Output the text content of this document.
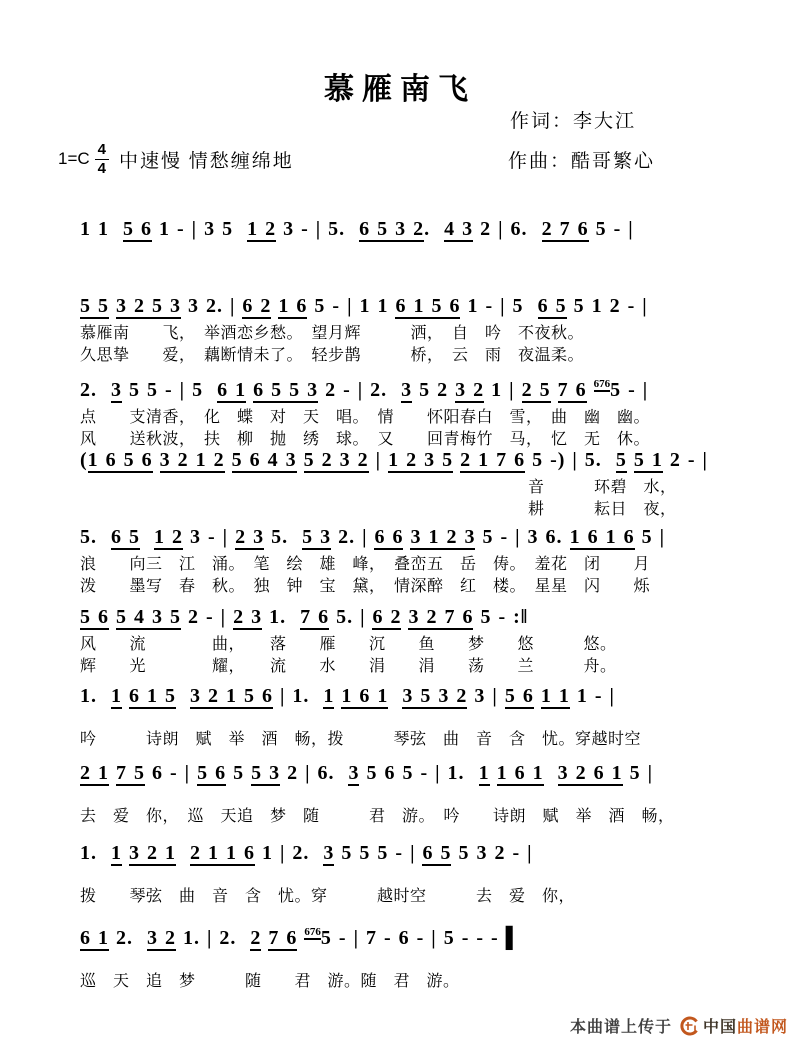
慕雁南飞
作词：李大江
作曲：酷哥繁心
$1=C \frac{4}{4}$ 中速慢 情愁缠绵地
1 1  5 6 1 - | 3 5  1 2 3 - | 5.  6 5 3 2.  4 3 2 | 6.  2 7 6 5 - |
5 5 3 2 5 3 3 2. | 6 2 1 6 5 - | 1 1 6 1 5 6 1 - | 5  6 5 5 1 2 - |
慕雁南　　飞，　举酒恋乡愁。　望月辉　　　洒，　自　吟　不夜秋。
久思挚　　爱，　藕断情未了。　轻步鹊　　　桥，　云　雨　夜温柔。
2.  3 5 5 - | 5  6 1 6 5 5 3 2 - | 2.  3 5 2 3 2 1 | 2 5 7 6 $^{676}$5 - |
点　　支清香，　化　蝶　对　天　唱。　情　　怀阳春白　雪，　曲　幽　幽。
风　　送秋波，　扶　柳　抛　绣　球。　又　　回青梅竹　马，　忆　无　休。
(1 6 5 6 3 2 1 2 5 6 4 3 5 2 3 2 | 1 2 3 5 2 1 7 6 5 -) | 5.  5 5 1 2 - |
音　　　环碧　水，
耕　　　耘日　夜，
5.  6 5 1 2 3 - | 2 3 5.  5 3 2. | 6 6 3 1 2 3 5 - | 3 6. 1 6 1 6 5 |
浪　　向三　江　涌。　笔　绘　雄　峰，　叠峦五　岳　俦。　羞花　闭　　月
泼　　墨写　春　秋。　独　钟　宝　黛，　情深醉　红　楼。　星星　闪　　烁
5 6 5 4 3 5 2 - | 2 3 1.  7 6 5. | 6 2 3 2 7 6 5 - :‖
风　　流　　　　曲，　　落　　雁　　沉　　鱼　　梦　　悠　　　悠。
辉　　光　　　　耀，　　流　　水　　涓　　涓　　荡　　兰　　　舟。
1.  1 6 1 5 3 2 1 5 6 | 1.  1 1 6 1 3 5 3 2 3 | 5 6 1 1 1 - |
吟　　　诗朗　赋　举　酒　畅，拨　　　琴弦　曲　音　含　忧。穿越时空
2 1 7 5 6 - | 5 6 5 5 3 2 | 6.  3 5 6 5 - | 1.  1 1 6 1 3 2 6 1 5 |
去　爱　你，　巡　天追　梦　随　　　君　游。　吟　　诗朗　赋　举　酒　畅，
1.  1 3 2 1 2 1 1 6 1 | 2.  3 5 5 5 - | 6 5 5 3 2 - |
拨　　琴弦　曲　音　含　忧。穿　　　越时空　　　去　爱　你，
6 1 2.  3 2 1. | 2.  2 7 6 $^{676}$5 - | 7 - 6 - | 5 - - - ▌
巡　天　追　梦　　　随　　君　游。随　君　游。
本曲谱上传于 中国 曲谱网
